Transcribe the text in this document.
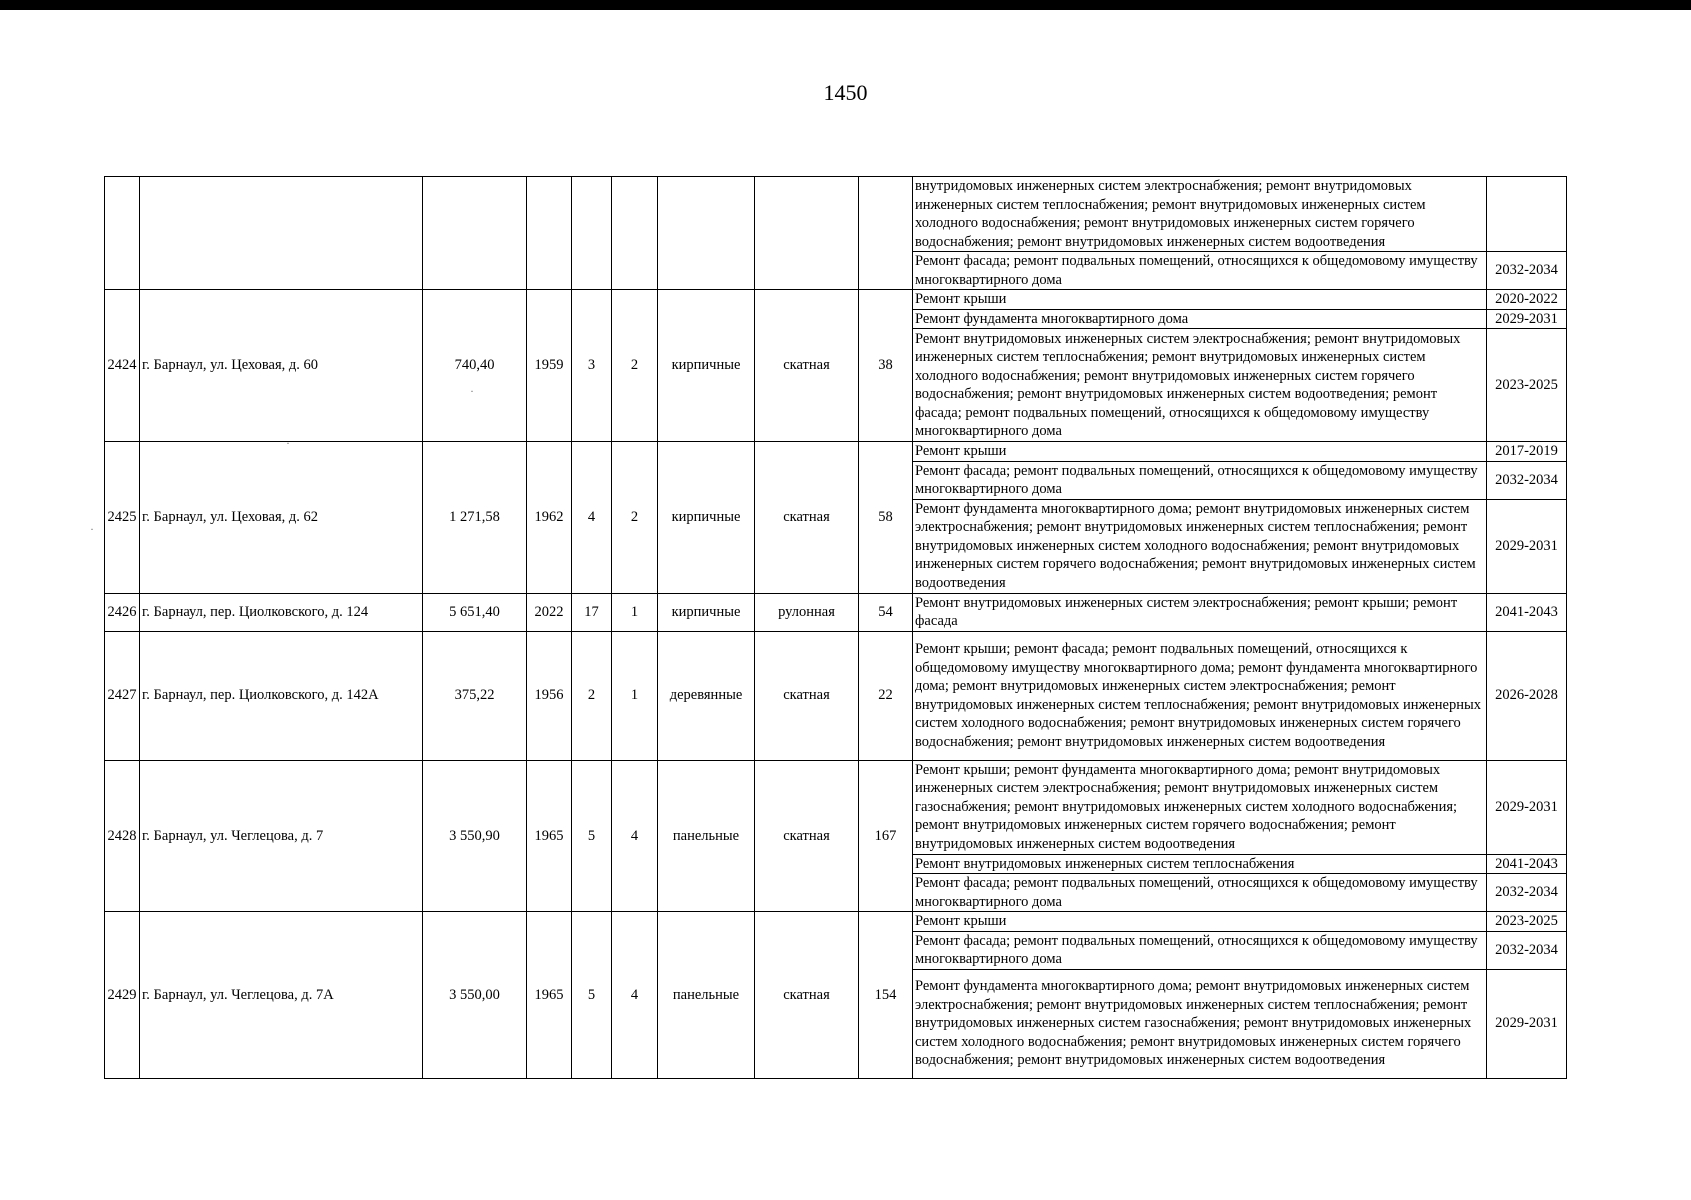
1450
									внутридомовых инженерных систем электроснабжения; ремонт внутридомовых инженерных систем теплоснабжения; ремонт внутридомовых инженерных систем холодного водоснабжения; ремонт внутридомовых инженерных систем горячего водоснабжения; ремонт внутридомовых инженерных систем водоотведения	
									Ремонт фасада; ремонт подвальных помещений, относящихся к общедомовому имуществу многоквартирного дома	2032-2034
2424	г. Барнаул, ул. Цеховая, д. 60	740,40	1959	3	2	кирпичные	скатная	38	Ремонт крыши	2020-2022
									Ремонт фундамента многоквартирного дома	2029-2031
									Ремонт внутридомовых инженерных систем электроснабжения; ремонт внутридомовых инженерных систем теплоснабжения; ремонт внутридомовых инженерных систем холодного водоснабжения; ремонт внутридомовых инженерных систем горячего водоснабжения; ремонт внутридомовых инженерных систем водоотведения; ремонт фасада; ремонт подвальных помещений, относящихся к общедомовому имуществу многоквартирного дома	2023-2025
2425	г. Барнаул, ул. Цеховая, д. 62	1 271,58	1962	4	2	кирпичные	скатная	58	Ремонт крыши	2017-2019
									Ремонт фасада; ремонт подвальных помещений, относящихся к общедомовому имуществу многоквартирного дома	2032-2034
									Ремонт фундамента многоквартирного дома; ремонт внутридомовых инженерных систем электроснабжения; ремонт внутридомовых инженерных систем теплоснабжения; ремонт внутридомовых инженерных систем холодного водоснабжения; ремонт внутридомовых инженерных систем горячего водоснабжения; ремонт внутридомовых инженерных систем водоотведения	2029-2031
2426	г. Барнаул, пер. Циолковского, д. 124	5 651,40	2022	17	1	кирпичные	рулонная	54	Ремонт внутридомовых инженерных систем электроснабжения; ремонт крыши; ремонт фасада	2041-2043
2427	г. Барнаул, пер. Циолковского, д. 142А	375,22	1956	2	1	деревянные	скатная	22	Ремонт крыши; ремонт фасада; ремонт подвальных помещений, относящихся к общедомовому имуществу многоквартирного дома; ремонт фундамента многоквартирного дома; ремонт внутридомовых инженерных систем электроснабжения; ремонт внутридомовых инженерных систем теплоснабжения; ремонт внутридомовых инженерных систем холодного водоснабжения; ремонт внутридомовых инженерных систем горячего водоснабжения; ремонт внутридомовых инженерных систем водоотведения	2026-2028
2428	г. Барнаул, ул. Чеглецова, д. 7	3 550,90	1965	5	4	панельные	скатная	167	Ремонт крыши; ремонт фундамента многоквартирного дома; ремонт внутридомовых инженерных систем электроснабжения; ремонт внутридомовых инженерных систем газоснабжения; ремонт внутридомовых инженерных систем холодного водоснабжения; ремонт внутридомовых инженерных систем горячего водоснабжения; ремонт внутридомовых инженерных систем водоотведения	2029-2031
									Ремонт внутридомовых инженерных систем теплоснабжения	2041-2043
									Ремонт фасада; ремонт подвальных помещений, относящихся к общедомовому имуществу многоквартирного дома	2032-2034
2429	г. Барнаул, ул. Чеглецова, д. 7А	3 550,00	1965	5	4	панельные	скатная	154	Ремонт крыши	2023-2025
									Ремонт фасада; ремонт подвальных помещений, относящихся к общедомовому имуществу многоквартирного дома	2032-2034
									Ремонт фундамента многоквартирного дома; ремонт внутридомовых инженерных систем электроснабжения; ремонт внутридомовых инженерных систем теплоснабжения; ремонт внутридомовых инженерных систем газоснабжения; ремонт внутридомовых инженерных систем холодного водоснабжения; ремонт внутридомовых инженерных систем горячего водоснабжения; ремонт внутридомовых инженерных систем водоотведения	2029-2031
·
·
·
